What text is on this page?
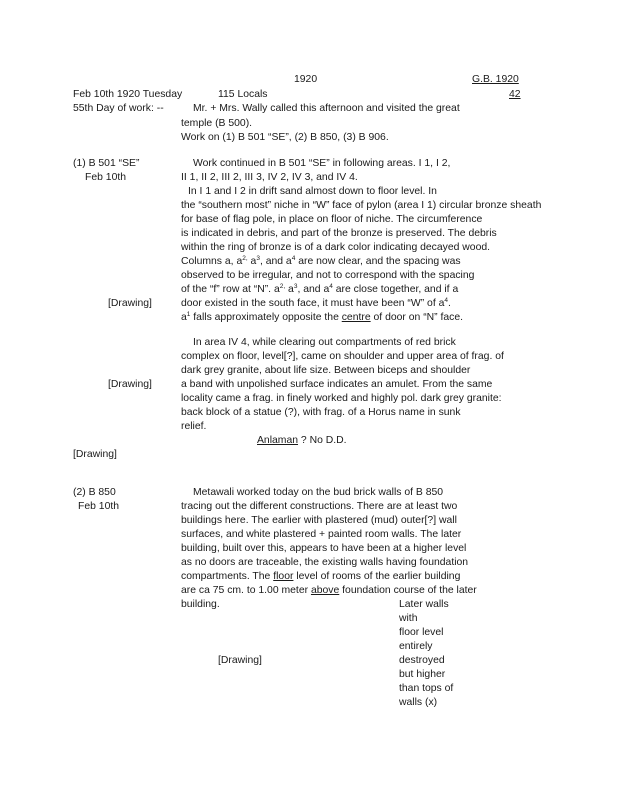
1920	G.B. 1920
Feb 10th 1920 Tuesday	115 Locals	42
55th Day of work: --	Mr. + Mrs. Wally called this afternoon and visited the great
temple (B 500).
Work on (1) B 501 “SE”, (2) B 850, (3) B 906.
(1) B 501 “SE”
Feb 10th
Work continued in B 501 “SE” in following areas. I 1, I 2,
II 1, II 2, III 2, III 3, IV 2, IV 3, and IV 4.
In I 1 and I 2 in drift sand almost down to floor level. In
the “southern most” niche in “W” face of pylon (area I 1) circular bronze sheath
for base of flag pole, in place on floor of niche. The circumference
is indicated in debris, and part of the bronze is preserved. The debris
within the ring of bronze is of a dark color indicating decayed wood.
Columns a, $a^{2,}$ $a^3$, and $a^4$ are now clear, and the spacing was
observed to be irregular, and not to correspond with the spacing
of the “f” row at “N”. $a^{2,}$ $a^3$, and $a^4$ are close together, and if a
[Drawing]	door existed in the south face, it must have been “W” of $a^4$.
$a^1$ falls approximately opposite the centre of door on “N” face.
In area IV 4, while clearing out compartments of red brick
complex on floor, level[?], came on shoulder and upper area of frag. of
dark grey granite, about life size. Between biceps and shoulder
[Drawing]	a band with unpolished surface indicates an amulet. From the same
locality came a frag. in finely worked and highly pol. dark grey granite:
back block of a statue (?), with frag. of a Horus name in sunk
relief.
Anlaman ? No D.D.
[Drawing]
(2) B 850
Feb 10th
Metawali worked today on the bud brick walls of B 850
tracing out the different constructions. There are at least two
buildings here. The earlier with plastered (mud) outer[?] wall
surfaces, and white plastered + painted room walls. The later
building, built over this, appears to have been at a higher level
as no doors are traceable, the existing walls having foundation
compartments. The floor level of rooms of the earlier building
are ca 75 cm. to 1.00 meter above foundation course of the later
building.	Later walls
with
floor level
entirely
[Drawing]	destroyed
but higher
than tops of
walls (x)
